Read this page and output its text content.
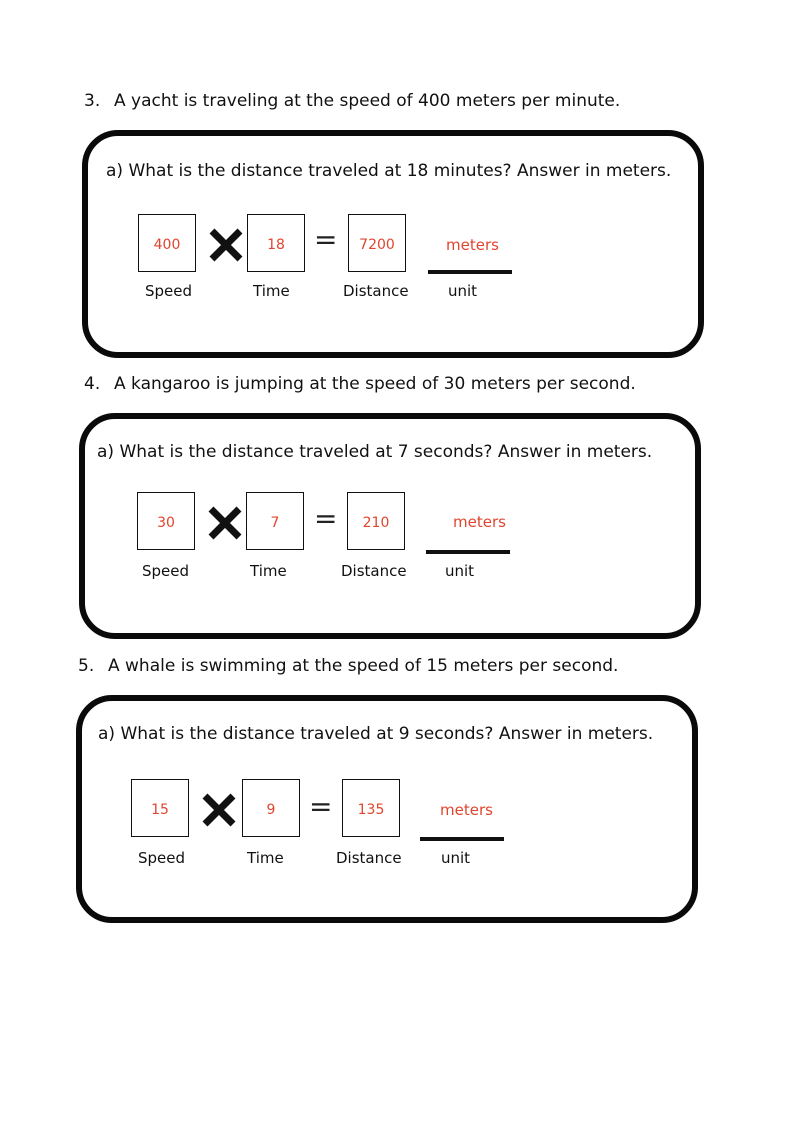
3. A yacht is traveling at the speed of 400 meters per minute.
a) What is the distance traveled at 18 minutes? Answer in meters.
400	18	=	7200	meters
Speed	Time	Distance	unit
4. A kangaroo is jumping at the speed of 30 meters per second.
a) What is the distance traveled at 7 seconds? Answer in meters.
30	7	=	210	meters
Speed	Time	Distance	unit
5. A whale is swimming at the speed of 15 meters per second.
a) What is the distance traveled at 9 seconds? Answer in meters.
15	9	=	135	meters
Speed	Time	Distance	unit
